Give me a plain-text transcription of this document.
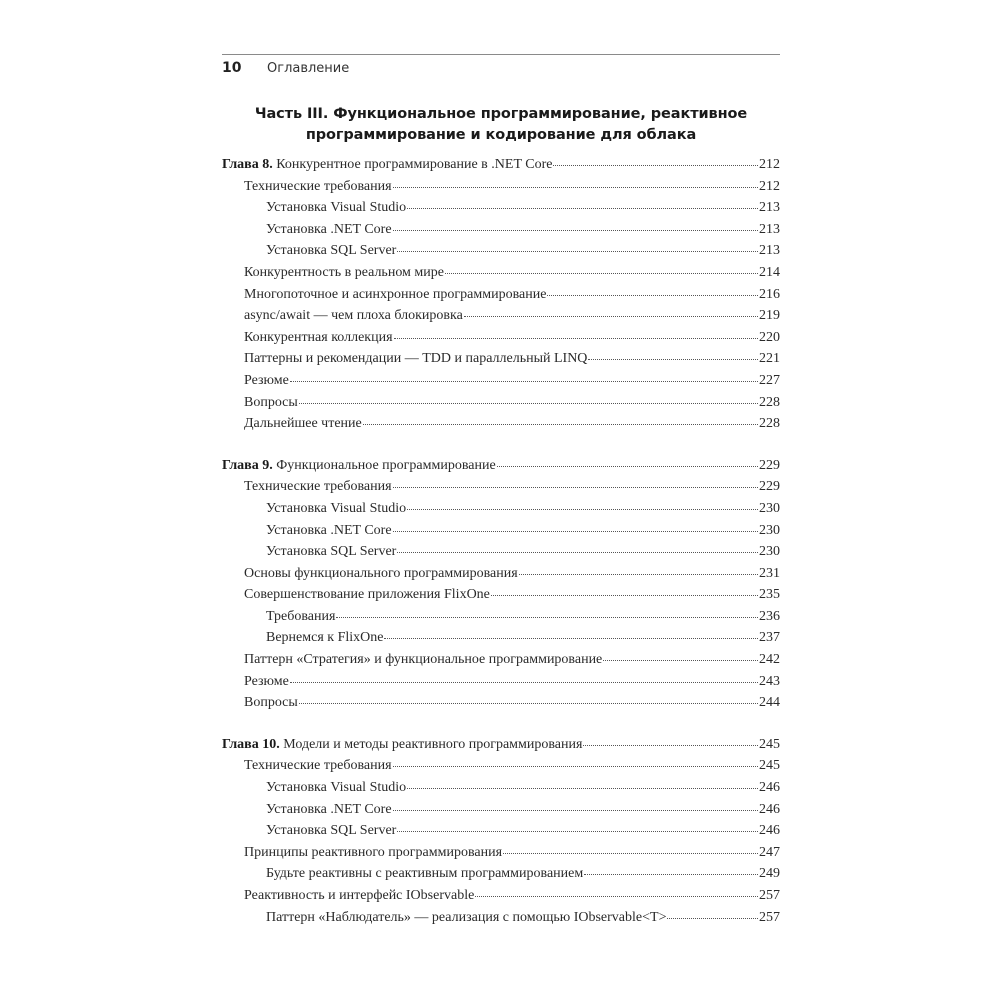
10	Оглавление
Часть III. Функциональное программирование, реактивное
программирование и кодирование для облака
Глава 8. Конкурентное программирование в .NET Core	212
Технические требования	212
Установка Visual Studio	213
Установка .NET Core	213
Установка SQL Server	213
Конкурентность в реальном мире	214
Многопоточное и асинхронное программирование	216
async/await — чем плоха блокировка	219
Конкурентная коллекция	220
Паттерны и рекомендации — TDD и параллельный LINQ	221
Резюме	227
Вопросы	228
Дальнейшее чтение	228
Глава 9. Функциональное программирование	229
Технические требования	229
Установка Visual Studio	230
Установка .NET Core	230
Установка SQL Server	230
Основы функционального программирования	231
Совершенствование приложения FlixOne	235
Требования	236
Вернемся к FlixOne	237
Паттерн «Стратегия» и функциональное программирование	242
Резюме	243
Вопросы	244
Глава 10. Модели и методы реактивного программирования	245
Технические требования	245
Установка Visual Studio	246
Установка .NET Core	246
Установка SQL Server	246
Принципы реактивного программирования	247
Будьте реактивны с реактивным программированием	249
Реактивность и интерфейс IObservable	257
Паттерн «Наблюдатель» — реализация с помощью IObservable<T>	257
